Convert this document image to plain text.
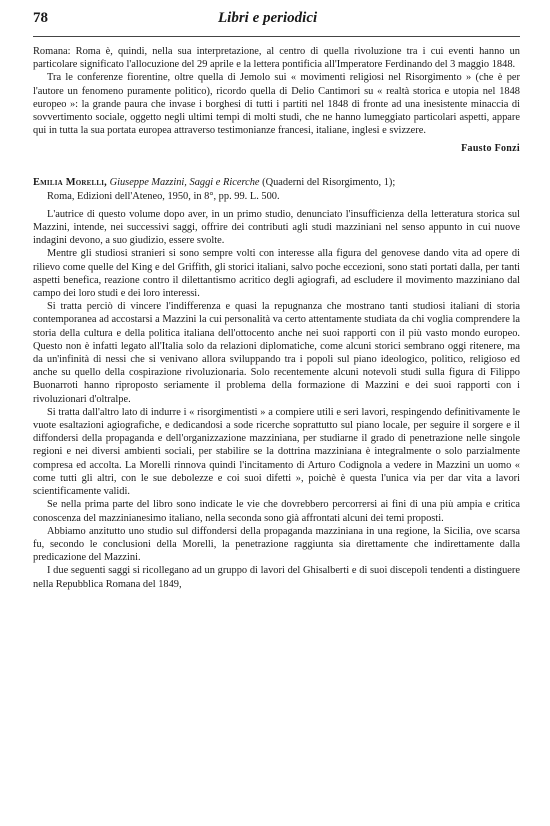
78	Libri e periodici

Romana: Roma è, quindi, nella sua interpretazione, al centro di quella rivoluzione tra i cui eventi hanno un particolare significato l'allocuzione del 29 aprile e la lettera pontificia all'Imperatore Ferdinando del 3 maggio 1848.

Tra le conferenze fiorentine, oltre quella di Jemolo sui « movimenti religiosi nel Risorgimento » (che è per l'autore un fenomeno puramente politico), ricordo quella di Delio Cantimori su « realtà storica e utopia nel 1848 europeo »: la grande paura che invase i borghesi di tutti i partiti nel 1848 di fronte ad una inesistente minaccia di sovvertimento sociale, oggetto negli ultimi tempi di molti studi, che ne hanno lumeggiato particolari aspetti, appare qui in tutta la sua portata europea attraverso testimonianze francesi, italiane, inglesi e svizzere.

Fausto Fonzi
Emilia Morelli, Giuseppe Mazzini, Saggi e Ricerche (Quaderni del Risorgimento, 1);
Roma, Edizioni dell'Ateneo, 1950, in 8°, pp. 99. L. 500.

L'autrice di questo volume dopo aver, in un primo studio, denunciato l'insufficienza della letteratura storica sul Mazzini, intende, nei successivi saggi, offrire dei contributi agli studi mazziniani nel senso appunto in cui nuove indagini devono, a suo giudizio, essere svolte.

Mentre gli studiosi stranieri si sono sempre volti con interesse alla figura del genovese dando vita ad opere di rilievo come quelle del King e del Griffith, gli storici italiani, salvo poche eccezioni, sono stati portati dalla, per tanti aspetti benefica, reazione contro il dilettantismo acritico degli agiografi, ad escludere il movimento mazziniano dal campo dei loro studi e dei loro interessi.

Si tratta perciò di vincere l'indifferenza e quasi la repugnanza che mostrano tanti studiosi italiani di storia contemporanea ad accostarsi a Mazzini la cui personalità va certo attentamente studiata da chi voglia comprendere la storia della cultura e della politica italiana dell'ottocento anche nei suoi rapporti con il più vasto mondo europeo. Questo non è infatti legato all'Italia solo da relazioni diplomatiche, come alcuni storici sembrano oggi ritenere, ma da un'infinità di nessi che si venivano allora sviluppando tra i popoli sul piano ideologico, politico, religioso ed anche su quello della cospirazione rivoluzionaria. Solo recentemente alcuni notevoli studi sulla figura di Filippo Buonarroti hanno riproposto seriamente il problema della formazione di Mazzini e dei suoi rapporti con i rivoluzionari d'oltralpe.

Si tratta dall'altro lato di indurre i « risorgimentisti » a compiere utili e seri lavori, respingendo definitivamente le vuote esaltazioni agiografiche, e dedicandosi a sode ricerche soprattutto sul piano locale, per seguire il sorgere e il diffondersi della propaganda e dell'organizzazione mazziniana, per studiarne il grado di penetrazione nelle singole regioni e nei diversi ambienti sociali, per stabilire se la dottrina mazziniana è integralmente o solo parzialmente compresa ed accolta. La Morelli rinnova quindi l'incitamento di Arturo Codignola a vedere in Mazzini un uomo « come tutti gli altri, con le sue debolezze e coi suoi difetti », poichè è questa l'unica via per dar vita a lavori scientificamente validi.

Se nella prima parte del libro sono indicate le vie che dovrebbero percorrersi ai fini di una più ampia e critica conoscenza del mazzinianesimo italiano, nella seconda sono già affrontati alcuni dei temi proposti.

Abbiamo anzitutto uno studio sul diffondersi della propaganda mazziniana in una regione, la Sicilia, ove scarsa fu, secondo le conclusioni della Morelli, la penetrazione raggiunta sia direttamente che indirettamente dalla predicazione del Mazzini.

I due seguenti saggi si ricollegano ad un gruppo di lavori del Ghisalberti e di suoi discepoli tendenti a distinguere nella Repubblica Romana del 1849,
